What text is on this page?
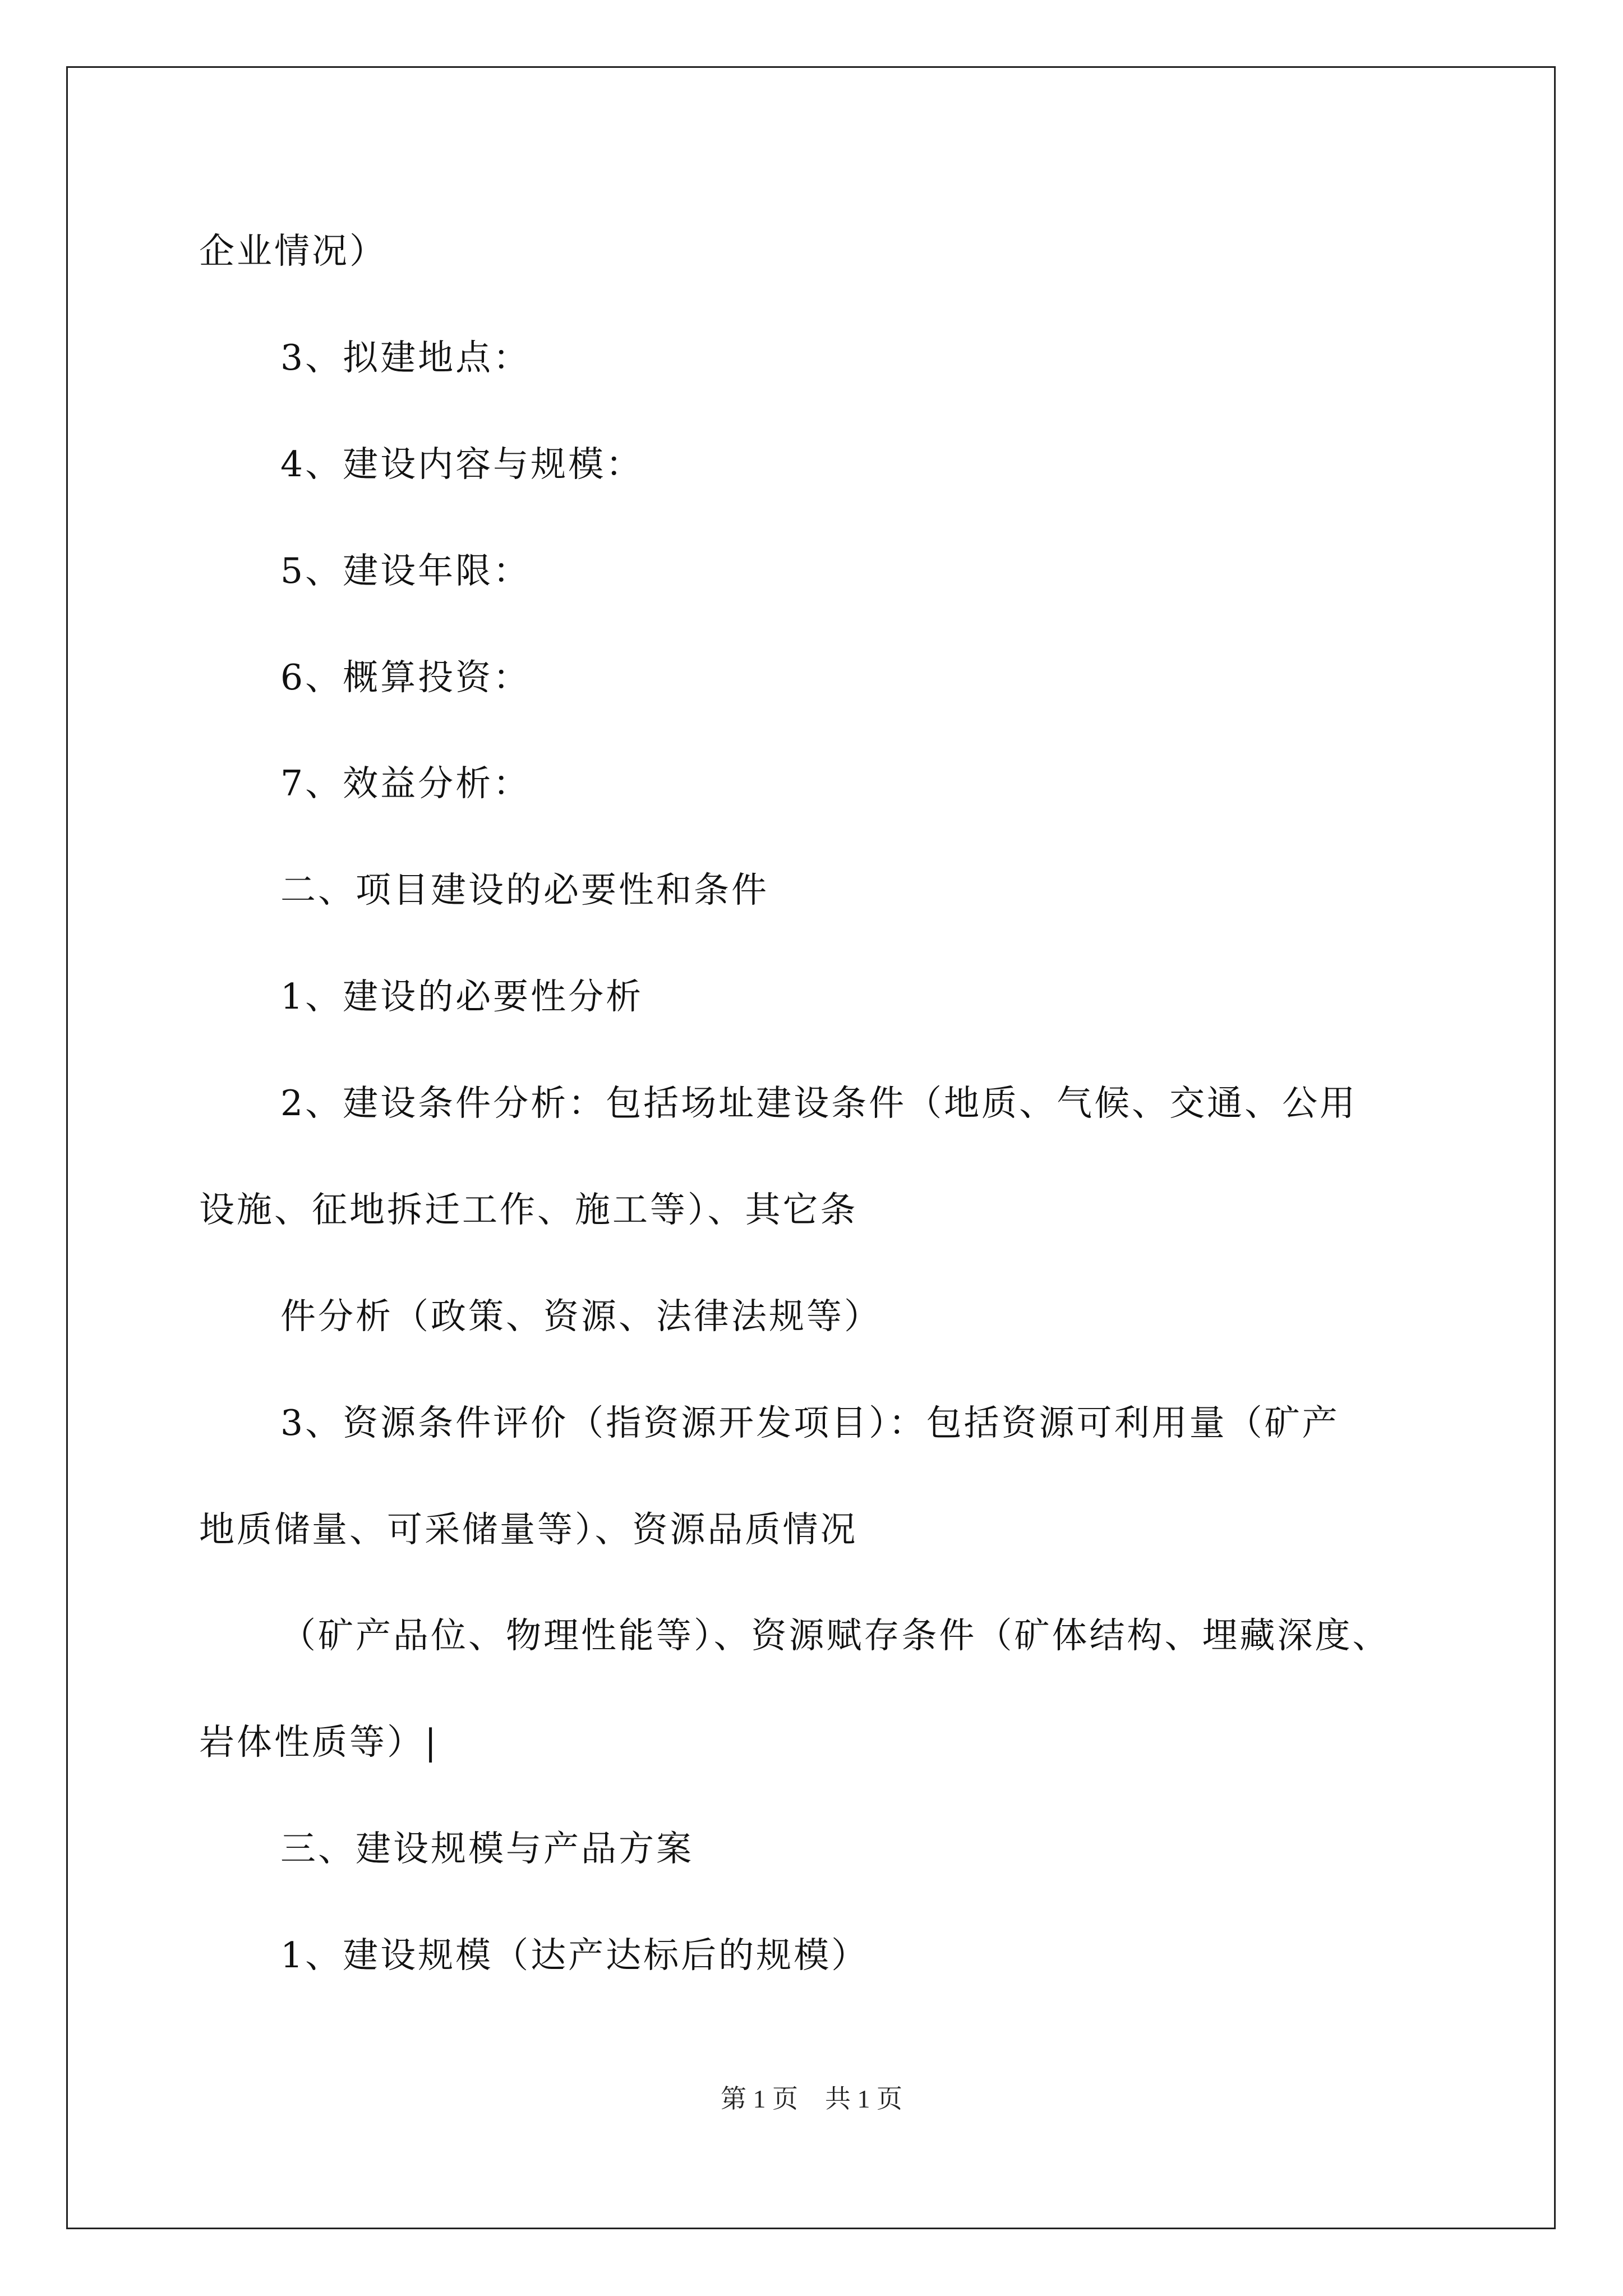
企业情况）
3、拟建地点：
4、建设内容与规模：
5、建设年限：
6、概算投资：
7、效益分析：
二、项目建设的必要性和条件
1、建设的必要性分析
2、建设条件分析：包括场址建设条件（地质、气候、交通、公用
设施、征地拆迁工作、施工等）、其它条
件分析（政策、资源、法律法规等）
3、资源条件评价（指资源开发项目）：包括资源可利用量（矿产
地质储量、可采储量等）、资源品质情况
（矿产品位、物理性能等）、资源赋存条件（矿体结构、埋藏深度、
岩体性质等）|
三、建设规模与产品方案
1、建设规模（达产达标后的规模）
第 1 页 共 1 页
